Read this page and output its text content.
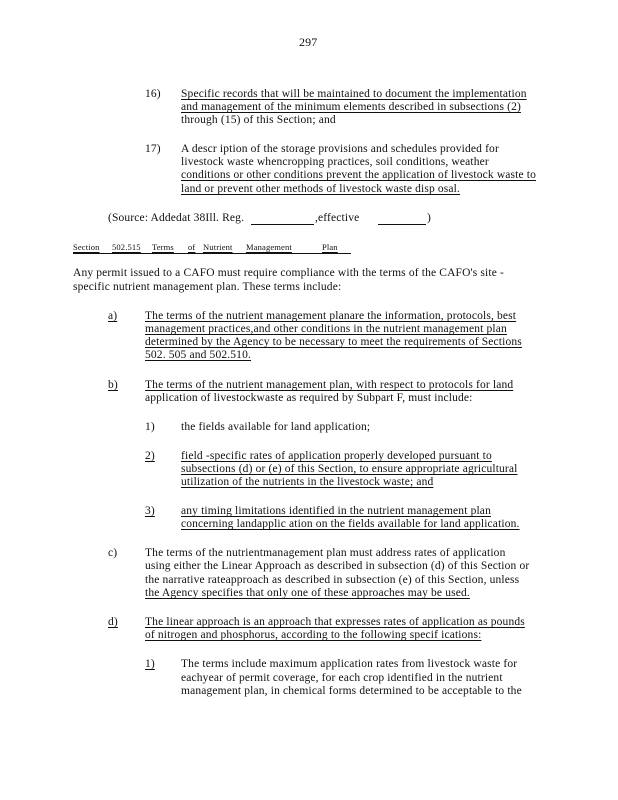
297
16) Specific records that will be maintained to document the implementation
and management of the minimum elements described in subsections (2)
through (15) of this Section; and
17) A descr iption of the storage provisions and schedules provided for
livestock waste whencropping practices, soil conditions, weather
conditions or other conditions prevent the application of livestock waste to
land or prevent other methods of livestock waste disp osal.
(Source: Addedat 38Ill. Reg.	,effective	)
Section 502.515 Terms of Nutrient Management	Plan
Any permit issued to a CAFO must require compliance with the terms of the CAFO's site -
specific nutrient management plan. These terms include:
a) The terms of the nutrient management planare the information, protocols, best
management practices,and other conditions in the nutrient management plan
determined by the Agency to be necessary to meet the requirements of Sections
502. 505 and 502.510.
b) The terms of the nutrient management plan, with respect to protocols for land
application of livestockwaste as required by Subpart F, must include:
1) the fields available for land application;
2) field -specific rates of application properly developed pursuant to
subsections (d) or (e) of this Section, to ensure appropriate agricultural
utilization of the nutrients in the livestock waste; and
3) any timing limitations identified in the nutrient management plan
concerning landapplic ation on the fields available for land application.
c) The terms of the nutrientmanagement plan must address rates of application
using either the Linear Approach as described in subsection (d) of this Section or
the narrative rateapproach as described in subsection (e) of this Section, unless
the Agency specifies that only one of these approaches may be used.
d) The linear approach is an approach that expresses rates of application as pounds
of nitrogen and phosphorus, according to the following specif ications:
1) The terms include maximum application rates from livestock waste for
eachyear of permit coverage, for each crop identified in the nutrient
management plan, in chemical forms determined to be acceptable to the
